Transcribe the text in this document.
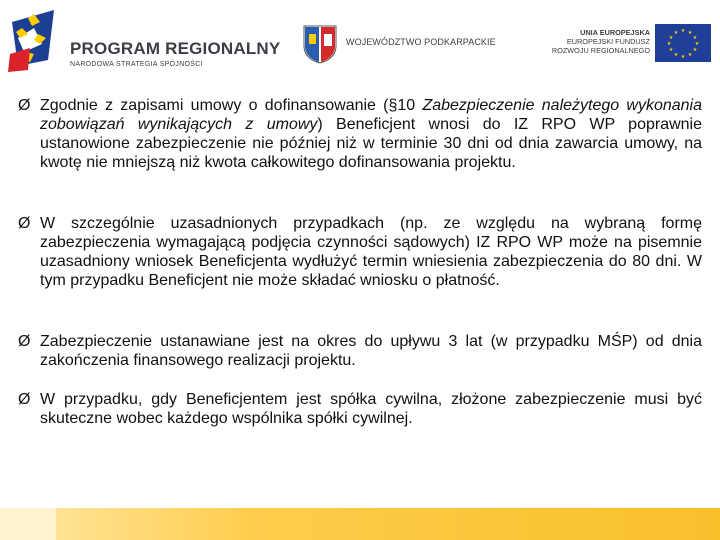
PROGRAM REGIONALNY
NARODOWA STRATEGIA SPÓJNOŚCI
WOJEWÓDZTWO PODKARPACKIE
UNIA EUROPEJSKA
EUROPEJSKI FUNDUSZ
ROZWOJU REGIONALNEGO
★ ★
★
★
★
★
★
★
★
★
★
★

Ø Zgodnie z zapisami umowy o dofinansowanie (§10 Zabezpieczenie należytego wykonania zobowiązań wynikających z umowy) Beneficjent wnosi do IZ RPO WP poprawnie ustanowione zabezpieczenie nie później niż w terminie 30 dni od dnia zawarcia umowy, na kwotę nie mniejszą niż kwota całkowitego dofinansowania projektu.

Ø W szczególnie uzasadnionych przypadkach (np. ze względu na wybraną formę zabezpieczenia wymagającą podjęcia czynności sądowych) IZ RPO WP może na pisemnie uzasadniony wniosek Beneficjenta wydłużyć termin wniesienia zabezpieczenia do 80 dni. W tym przypadku Beneficjent nie może składać wniosku o płatność.

Ø Zabezpieczenie ustanawiane jest na okres do upływu 3 lat (w przypadku MŚP) od dnia zakończenia finansowego realizacji projektu.

Ø W przypadku, gdy Beneficjentem jest spółka cywilna, złożone zabezpieczenie musi być skuteczne wobec każdego wspólnika spółki cywilnej.
